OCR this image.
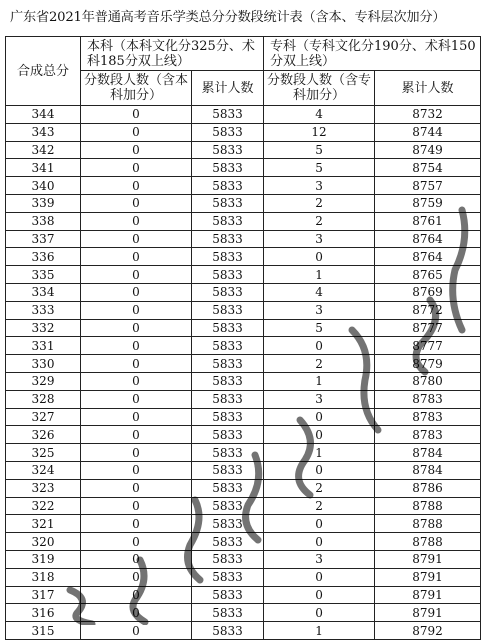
广东省2021年普通高考音乐学类总分分数段统计表（含本、专科层次加分）
合成总分	本科（本科文化分325分、术科185分双上线）		专科（专科文化分190分、术科150分双上线）	
	分数段人数（含本科加分）	累计人数	分数段人数（含专科加分）	累计人数
344	0	5833	4	8732
343	0	5833	12	8744
342	0	5833	5	8749
341	0	5833	5	8754
340	0	5833	3	8757
339	0	5833	2	8759
338	0	5833	2	8761
337	0	5833	3	8764
336	0	5833	0	8764
335	0	5833	1	8765
334	0	5833	4	8769
333	0	5833	3	8772
332	0	5833	5	8777
331	0	5833	0	8777
330	0	5833	2	8779
329	0	5833	1	8780
328	0	5833	3	8783
327	0	5833	0	8783
326	0	5833	0	8783
325	0	5833	1	8784
324	0	5833	0	8784
323	0	5833	2	8786
322	0	5833	2	8788
321	0	5833	0	8788
320	0	5833	0	8788
319	0	5833	3	8791
318	0	5833	0	8791
317	0	5833	0	8791
316	0	5833	0	8791
315	0	5833	1	8792
